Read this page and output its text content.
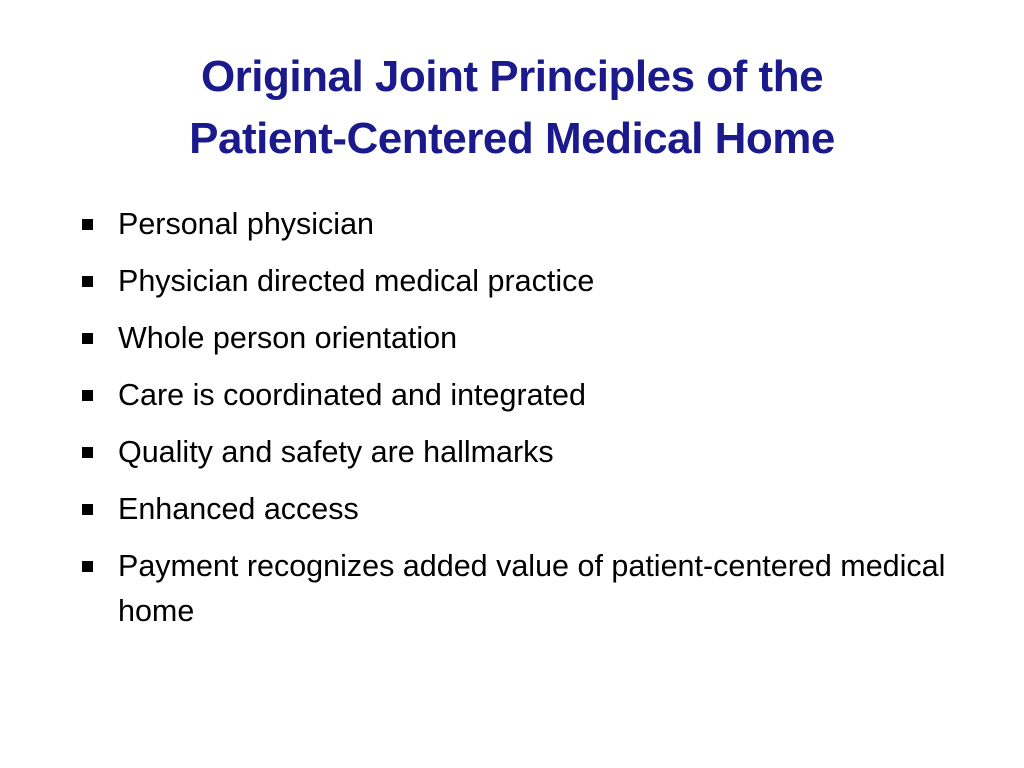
Original Joint Principles of the
Patient-Centered Medical Home
Personal physician
Physician directed medical practice
Whole person orientation
Care is coordinated and integrated
Quality and safety are hallmarks
Enhanced access
Payment recognizes added value of patient-centered medical home
